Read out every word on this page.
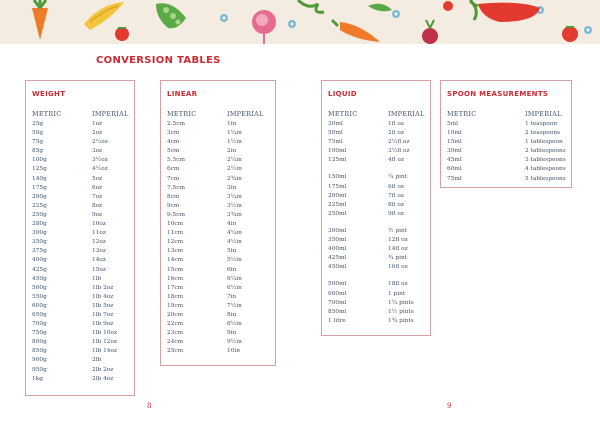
CONVERSION TABLES
WEIGHT
METRIC	IMPERIAL
25g	1oz
50g	2oz
75g	2½oz
85g	3oz
100g	3½oz
125g	4½oz
140g	5oz
175g	6oz
200g	7oz
225g	8oz
250g	9oz
280g	10oz
300g	11oz
350g	12oz
375g	13oz
400g	14oz
425g	15oz
450g	1lb
500g	1lb 2oz
550g	1lb 4oz
600g	1lb 5oz
650g	1lb 7oz
700g	1lb 9oz
750g	1lb 10oz
800g	1lb 12oz
850g	1lb 14oz
900g	2lb
950g	2lb 2oz
1kg	2lb 4oz
LINEAR
METRIC	IMPERIAL
2.5cm	1in
3cm	1¼in
4cm	1½in
5cm	2in
5.5cm	2¼in
6cm	2½in
7cm	2¾in
7.5cm	3in
8cm	3¼in
9cm	3½in
9.5cm	3¾in
10cm	4in
11cm	4¼in
12cm	4½in
13cm	5in
14cm	5½in
15cm	6in
16cm	6¼in
17cm	6½in
18cm	7in
19cm	7½in
20cm	8in
22cm	8½in
23cm	9in
24cm	9½in
25cm	10in
LIQUID
METRIC	IMPERIAL
30ml	1fl oz
50ml	2fl oz
75ml	2½fl oz
100ml	3½fl oz
125ml	4fl oz
150ml	¼ pint
175ml	6fl oz
200ml	7fl oz
225ml	8fl oz
250ml	9fl oz
300ml	½ pint
350ml	12fl oz
400ml	14fl oz
425ml	¾ pint
450ml	16fl oz
500ml	18fl oz
600ml	1 pint
700ml	1¼ pints
850ml	1½ pints
1 litre	1¾ pints
SPOON MEASUREMENTS
METRIC	IMPERIAL
5ml	1 teaspoon
10ml	2 teaspoons
15ml	1 tablespoon
30ml	2 tablespoons
45ml	3 tablespoons
60ml	4 tablespoons
75ml	5 tablespoons
8	9
